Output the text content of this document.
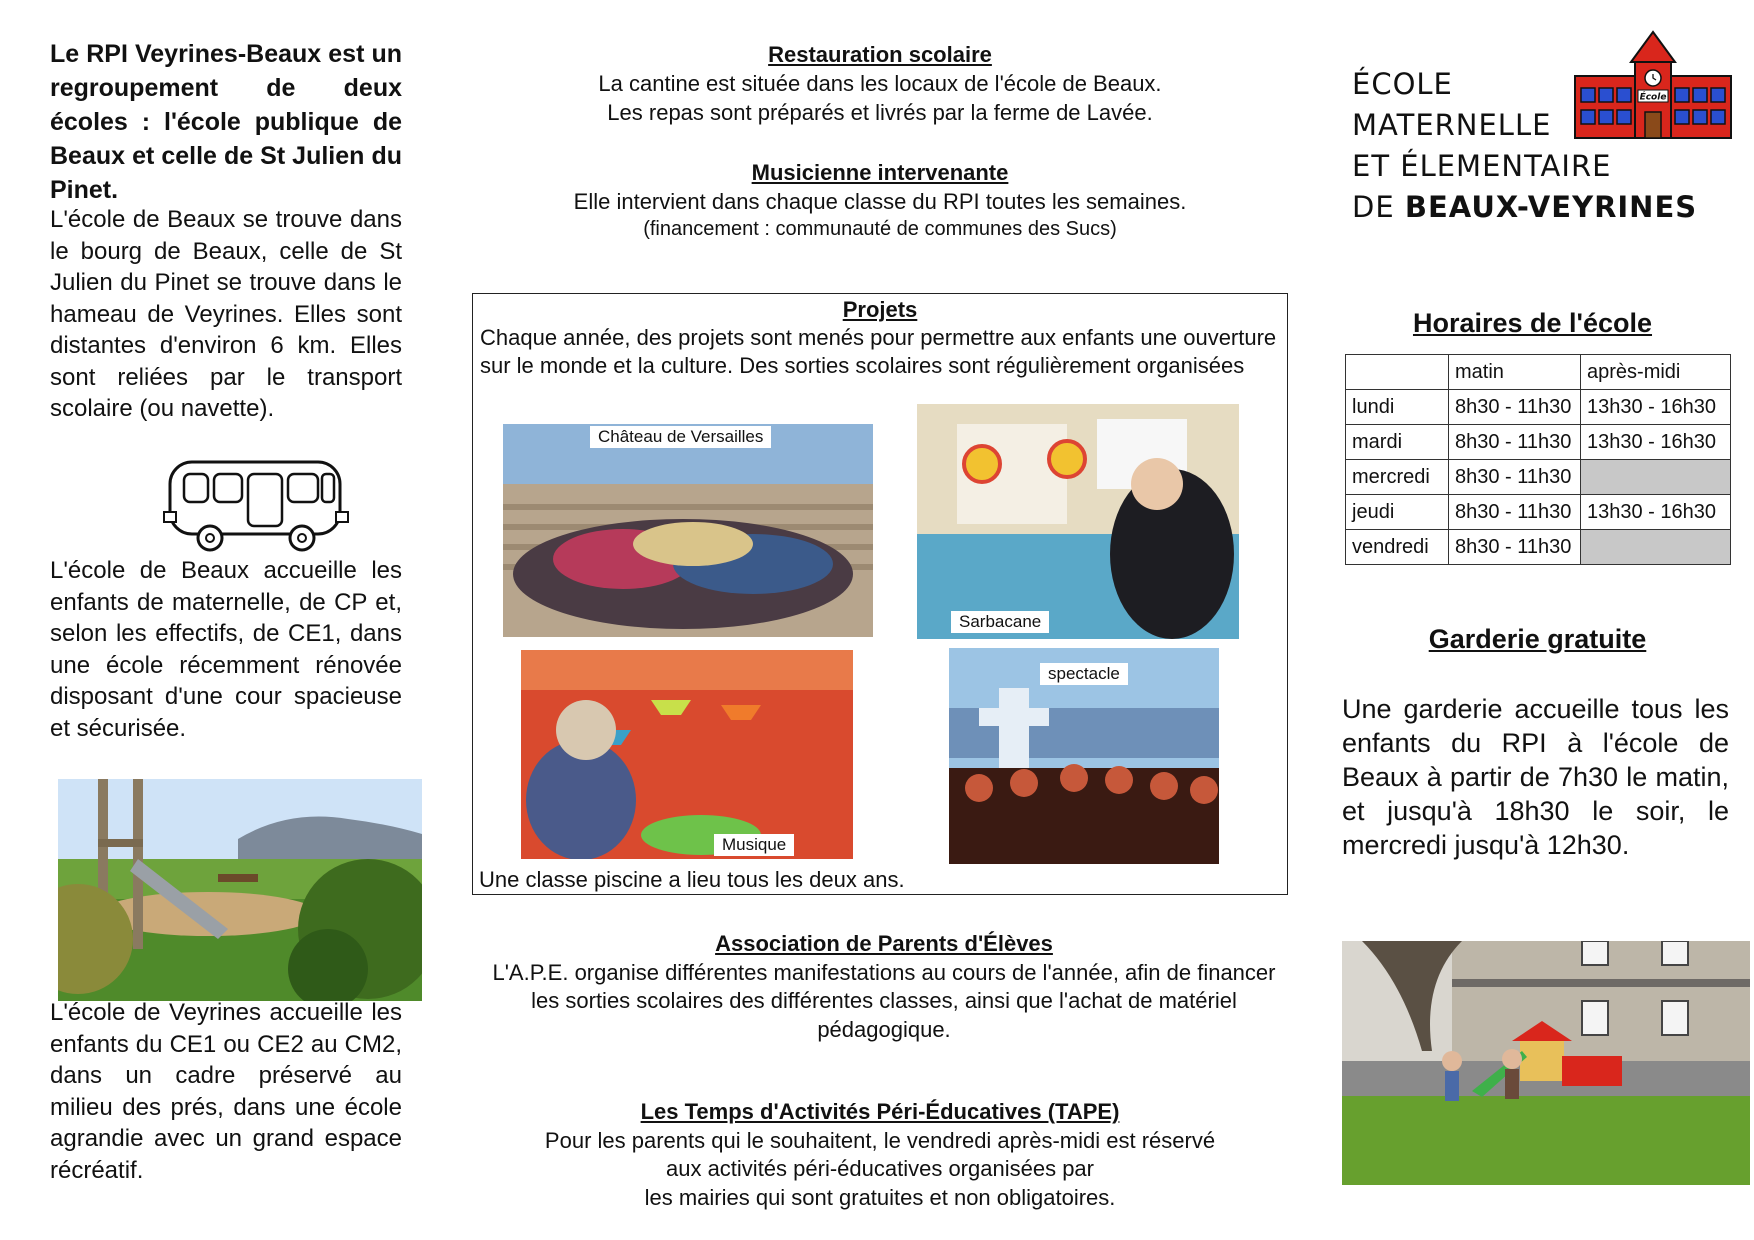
Le RPI Veyrines-Beaux est un regroupement de deux écoles : l'école publique de Beaux et celle de St Julien du Pinet.
L'école de Beaux se trouve dans le bourg de Beaux, celle de St Julien du Pinet se trouve dans le hameau de Veyrines. Elles sont distantes d'environ 6 km. Elles sont reliées par le transport scolaire (ou navette).
L'école de Beaux accueille les enfants de maternelle, de CP et, selon les effectifs, de CE1, dans une école récemment rénovée disposant d'une cour spacieuse et sécurisée.
L'école de Veyrines accueille les enfants du CE1 ou CE2 au CM2, dans un cadre préservé au milieu des prés, dans une école agrandie avec un grand espace récréatif.
Restauration scolaire
La cantine est située dans les locaux de l'école de Beaux.
Les repas sont préparés et livrés par la ferme de Lavée.
Musicienne intervenante
Elle intervient dans chaque classe du RPI toutes les semaines.
(financement : communauté de communes des Sucs)
Projets
Chaque année, des projets sont menés pour permettre aux enfants une ouverture sur le monde et la culture. Des sorties scolaires sont régulièrement organisées
Château de Versailles
Sarbacane
Musique
spectacle
Une classe piscine a lieu tous les deux ans.
Association de Parents d'Élèves
L'A.P.E. organise différentes manifestations au cours de l'année, afin de financer les sorties scolaires des différentes classes, ainsi que l'achat de matériel pédagogique.
Les Temps d'Activités Péri-Éducatives (TAPE)
Pour les parents qui le souhaitent, le vendredi après-midi est réservé
aux activités péri-éducatives organisées par
les mairies qui sont gratuites et non obligatoires.
ÉCOLE
MATERNELLE
ET ÉLEMENTAIRE
DE BEAUX-VEYRINES
École
Horaires de l'école
	matin	après-midi
lundi	8h30 - 11h30	13h30 - 16h30
mardi	8h30 - 11h30	13h30 - 16h30
mercredi	8h30 - 11h30	
jeudi	8h30 - 11h30	13h30 - 16h30
vendredi	8h30 - 11h30	
Garderie gratuite
Une garderie accueille tous les enfants du RPI à l'école de Beaux à partir de 7h30 le matin, et jusqu'à 18h30 le soir, le mercredi jusqu'à 12h30.
